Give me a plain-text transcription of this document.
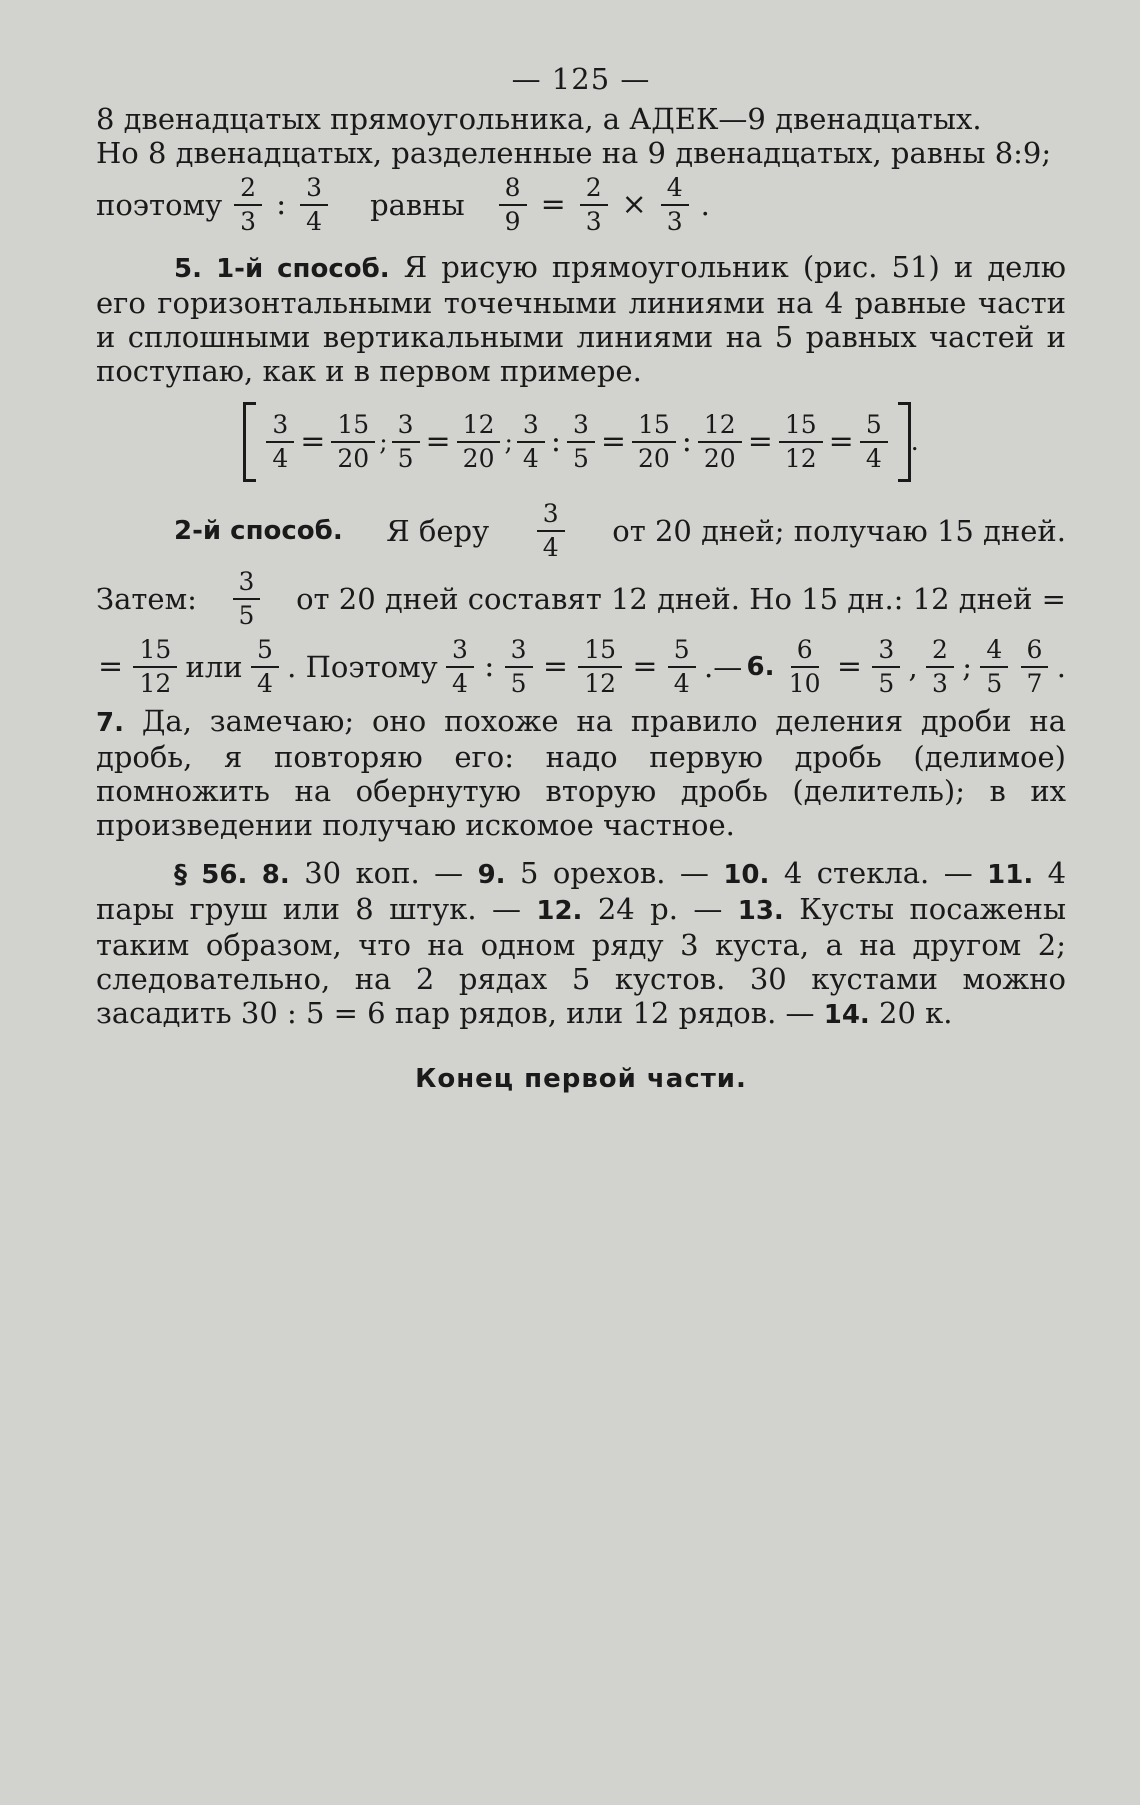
— 125 —

8 двенадцатых прямоугольника, а АДЕК—9 двенадцатых.

Но 8 двенадцатых, разделенные на 9 двенадцатых, равны 8:9;

поэтому $\frac{2}{3}$ : $\frac{3}{4}$ равны $\frac{8}{9} = \frac{2}{3} \times \frac{4}{3}$ .

5. 1-й способ. Я рисую прямоугольник (рис. 51) и делю его горизонтальными точечными линиями на 4 равные части и сплошными вертикальными линиями на 5 равных частей и поступаю, как и в первом примере.

$\frac{3}{4} = \frac{15}{20}$ ; $\frac{3}{5} = \frac{12}{20}$ ; $\frac{3}{4}$ : $\frac{3}{5} = \frac{15}{20}$ : $\frac{12}{20} = \frac{15}{12} = \frac{5}{4}$ .
2-й способ. Я беру $\frac{3}{4}$ от 20 дней; получаю 15 дней.
Затем: $\frac{3}{5}$ от 20 дней составят 12 дней. Но 15 дн.: 12 дней =
= $\frac{15}{12}$ или $\frac{5}{4}$ . Поэтому $\frac{3}{4}$ : $\frac{3}{5} = \frac{15}{12} = \frac{5}{4}$ .— 6. $\frac{6}{10} = \frac{3}{5}$ , $\frac{2}{3}$ ; $\frac{4}{5} \frac{6}{7}$ .

7. Да, замечаю; оно похоже на правило деления дроби на дробь, я повторяю его: надо первую дробь (делимое) помножить на обернутую вторую дробь (делитель); в их произведении получаю искомое частное.

§ 56. 8. 30 коп. — 9. 5 орехов. — 10. 4 стекла. — 11. 4 пары груш или 8 штук. — 12. 24 р. — 13. Кусты посажены таким образом, что на одном ряду 3 куста, а на другом 2; следовательно, на 2 рядах 5 кустов. 30 кустами можно засадить 30 : 5 = 6 пар рядов, или 12 рядов. — 14. 20 к.

Конец первой части.
